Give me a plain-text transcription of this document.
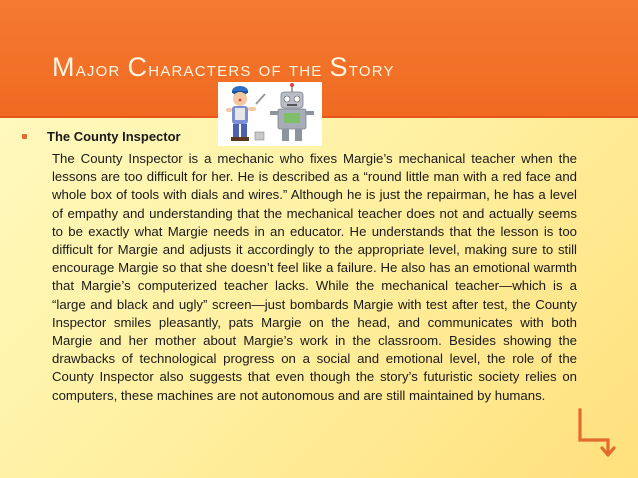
Major Characters of the Story
The County Inspector

The County Inspector is a mechanic who fixes Margie’s mechanical teacher when the lessons are too difficult for her. He is described as a “round little man with a red face and whole box of tools with dials and wires.” Although he is just the repairman, he has a level of empathy and understanding that the mechanical teacher does not and actually seems to be exactly what Margie needs in an educator. He understands that the lesson is too difficult for Margie and adjusts it accordingly to the appropriate level, making sure to still encourage Margie so that she doesn’t feel like a failure. He also has an emotional warmth that Margie’s computerized teacher lacks. While the mechanical teacher—which is a “large and black and ugly” screen—just bombards Margie with test after test, the County Inspector smiles pleasantly, pats Margie on the head, and communicates with both Margie and her mother about Margie’s work in the classroom. Besides showing the drawbacks of technological progress on a social and emotional level, the role of the County Inspector also suggests that even though the story’s futuristic society relies on computers, these machines are not autonomous and are still maintained by humans.
